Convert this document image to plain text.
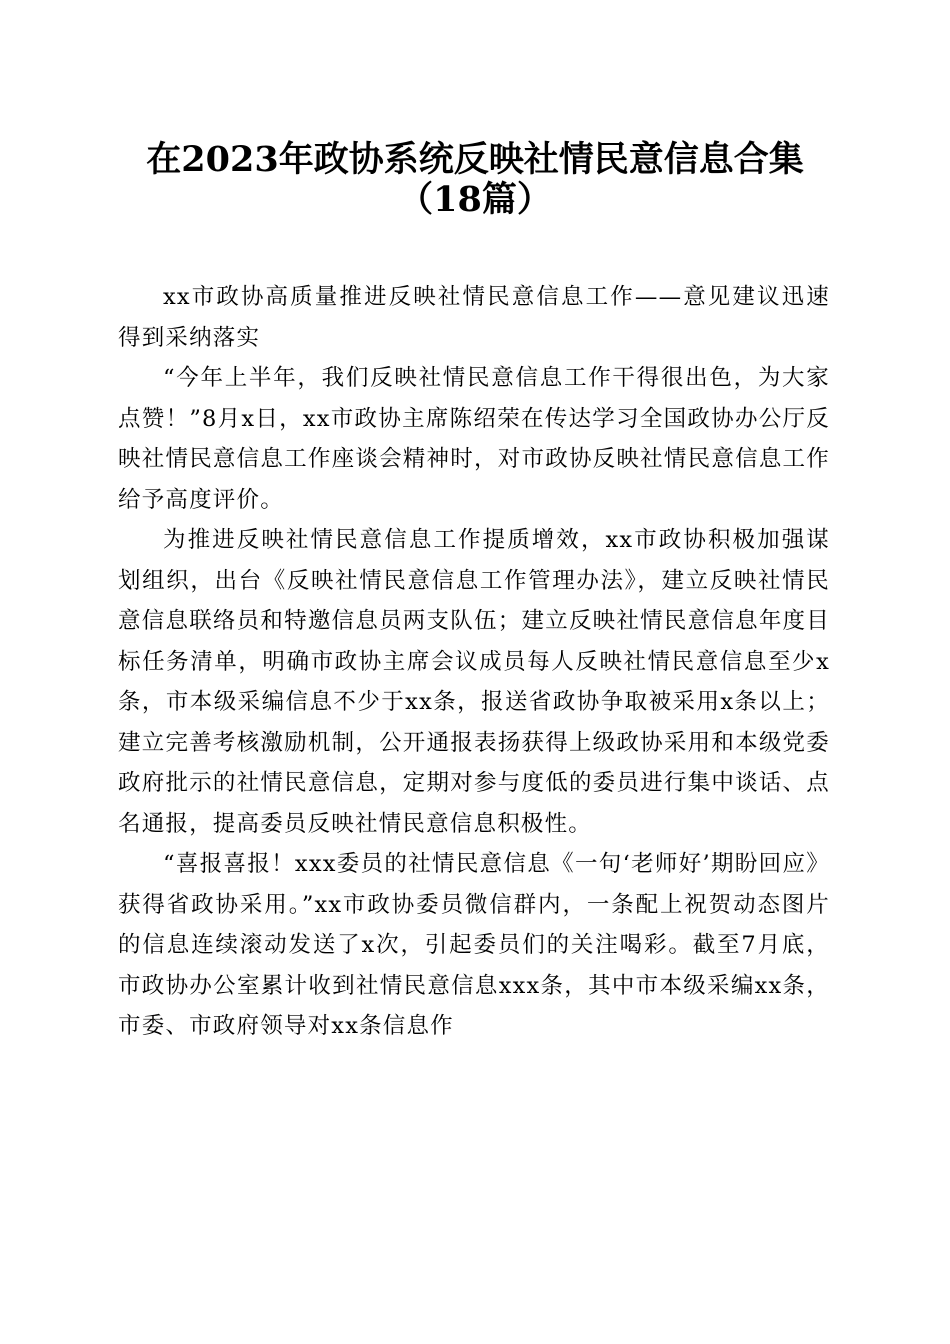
在2023年政协系统反映社情民意信息合集
（18篇）

xx市政协高质量推进反映社情民意信息工作——意见建议迅速得到采纳落实

“今年上半年，我们反映社情民意信息工作干得很出色，为大家点赞！”8月x日，xx市政协主席陈绍荣在传达学习全国政协办公厅反映社情民意信息工作座谈会精神时，对市政协反映社情民意信息工作给予高度评价。

为推进反映社情民意信息工作提质增效，xx市政协积极加强谋划组织，出台《反映社情民意信息工作管理办法》，建立反映社情民意信息联络员和特邀信息员两支队伍；建立反映社情民意信息年度目标任务清单，明确市政协主席会议成员每人反映社情民意信息至少x条，市本级采编信息不少于xx条，报送省政协争取被采用x条以上；建立完善考核激励机制，公开通报表扬获得上级政协采用和本级党委政府批示的社情民意信息，定期对参与度低的委员进行集中谈话、点名通报，提高委员反映社情民意信息积极性。

“喜报喜报！xxx委员的社情民意信息《一句‘老师好’期盼回应》获得省政协采用。”xx市政协委员微信群内，一条配上祝贺动态图片的信息连续滚动发送了x次，引起委员们的关注喝彩。截至7月底，市政协办公室累计收到社情民意信息xxx条，其中市本级采编xx条，市委、市政府领导对xx条信息作
